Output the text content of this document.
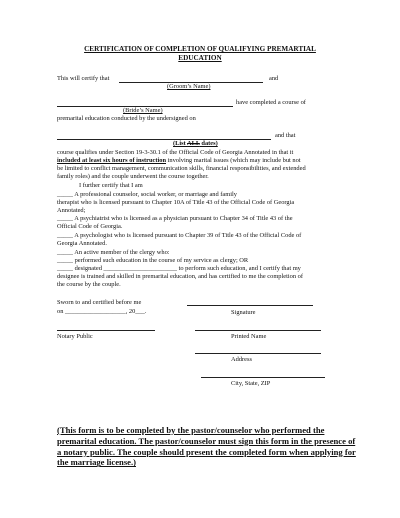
CERTIFICATION OF COMPLETION OF QUALIFYING PREMARTIAL
EDUCATION
This will certify that	and
(Groom’s Name)
have completed a course of
(Bride’s Name)
premarital education conducted by the undersigned on
and that
(List ALL dates)
course qualifies under Section 19-3-30.1 of the Official Code of Georgia Annotated in that it
included at least six hours of instruction involving marital issues (which may include but not
be limited to conflict management, communication skills, financial responsibilities, and extended
family roles) and the couple underwent the course together.
I further certify that I am
_____ A professional counselor, social worker, or marriage and family
therapist who is licensed pursuant to Chapter 10A of Title 43 of the Official Code of Georgia
Annotated;
_____ A psychiatrist who is licensed as a physician pursuant to Chapter 34 of Title 43 of the
Official Code of Georgia.
_____ A psychologist who is licensed pursuant to Chapter 39 of Title 43 of the Official Code of
Georgia Annotated.
_____ An active member of the clergy who:
_____ performed such education in the course of my service as clergy; OR
_____ designated _______________________ to perform such education, and I certify that my
designee is trained and skilled in premarital education, and has certified to me the completion of
the course by the couple.
Sworn to and certified before me
on ___________________, 20___.	Signature
Notary Public	Printed Name
Address
City, State, ZIP
(This form is to be completed by the pastor/counselor who performed the premarital education. The pastor/counselor must sign this form in the presence of a notary public. The couple should present the completed form when applying for the marriage license.)
